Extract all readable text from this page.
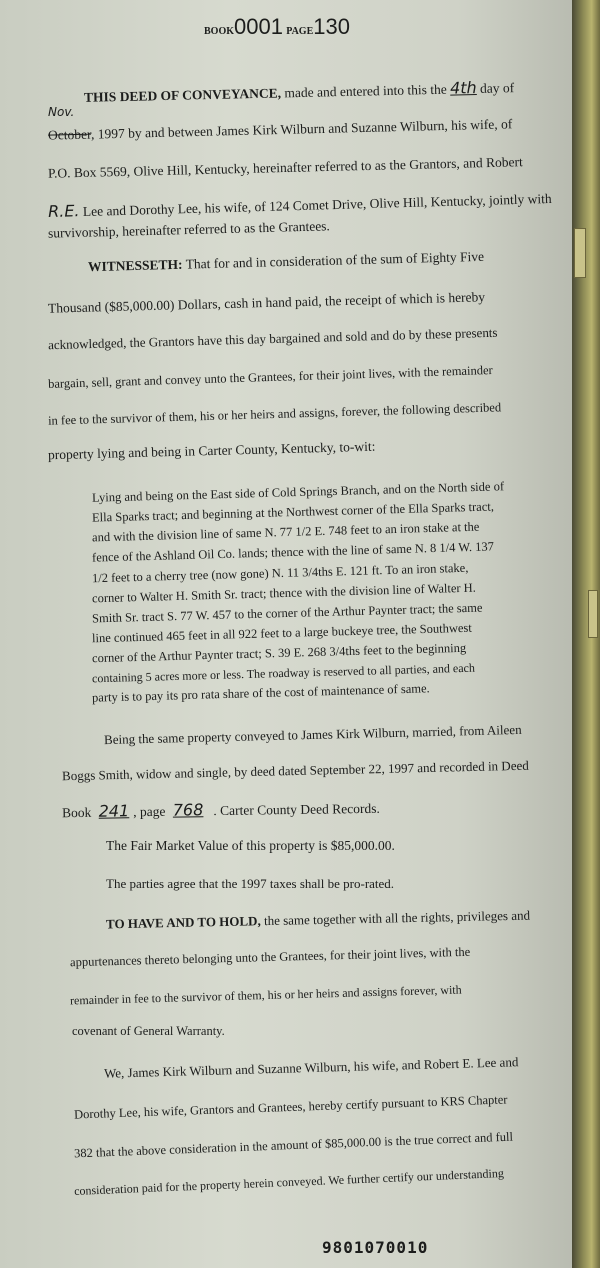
BOOK0001 PAGE130
THIS DEED OF CONVEYANCE, made and entered into this the 4th day of
Nov.
October, 1997 by and between James Kirk Wilburn and Suzanne Wilburn, his wife, of
P.O. Box 5569, Olive Hill, Kentucky, hereinafter referred to as the Grantors, and Robert
R.E. Lee and Dorothy Lee, his wife, of 124 Comet Drive, Olive Hill, Kentucky, jointly with
survivorship, hereinafter referred to as the Grantees.
WITNESSETH: That for and in consideration of the sum of Eighty Five
Thousand ($85,000.00) Dollars, cash in hand paid, the receipt of which is hereby
acknowledged, the Grantors have this day bargained and sold and do by these presents
bargain, sell, grant and convey unto the Grantees, for their joint lives, with the remainder
in fee to the survivor of them, his or her heirs and assigns, forever, the following described
property lying and being in Carter County, Kentucky, to-wit:
Lying and being on the East side of Cold Springs Branch, and on the North side of
Ella Sparks tract; and beginning at the Northwest corner of the Ella Sparks tract,
and with the division line of same N. 77 1/2 E. 748 feet to an iron stake at the
fence of the Ashland Oil Co. lands; thence with the line of same N. 8 1/4 W. 137
1/2 feet to a cherry tree (now gone) N. 11 3/4ths E. 121 ft. To an iron stake,
corner to Walter H. Smith Sr. tract; thence with the division line of Walter H.
Smith Sr. tract S. 77 W. 457 to the corner of the Arthur Paynter tract; the same
line continued 465 feet in all 922 feet to a large buckeye tree, the Southwest
corner of the Arthur Paynter tract; S. 39 E. 268 3/4ths feet to the beginning
containing 5 acres more or less. The roadway is reserved to all parties, and each
party is to pay its pro rata share of the cost of maintenance of same.
Being the same property conveyed to James Kirk Wilburn, married, from Aileen
Boggs Smith, widow and single, by deed dated September 22, 1997 and recorded in Deed
Book 241 , page 768 . Carter County Deed Records.
The Fair Market Value of this property is $85,000.00.
The parties agree that the 1997 taxes shall be pro-rated.
TO HAVE AND TO HOLD, the same together with all the rights, privileges and
appurtenances thereto belonging unto the Grantees, for their joint lives, with the
remainder in fee to the survivor of them, his or her heirs and assigns forever, with
covenant of General Warranty.
We, James Kirk Wilburn and Suzanne Wilburn, his wife, and Robert E. Lee and
Dorothy Lee, his wife, Grantors and Grantees, hereby certify pursuant to KRS Chapter
382 that the above consideration in the amount of $85,000.00 is the true correct and full
consideration paid for the property herein conveyed. We further certify our understanding
9801070010
